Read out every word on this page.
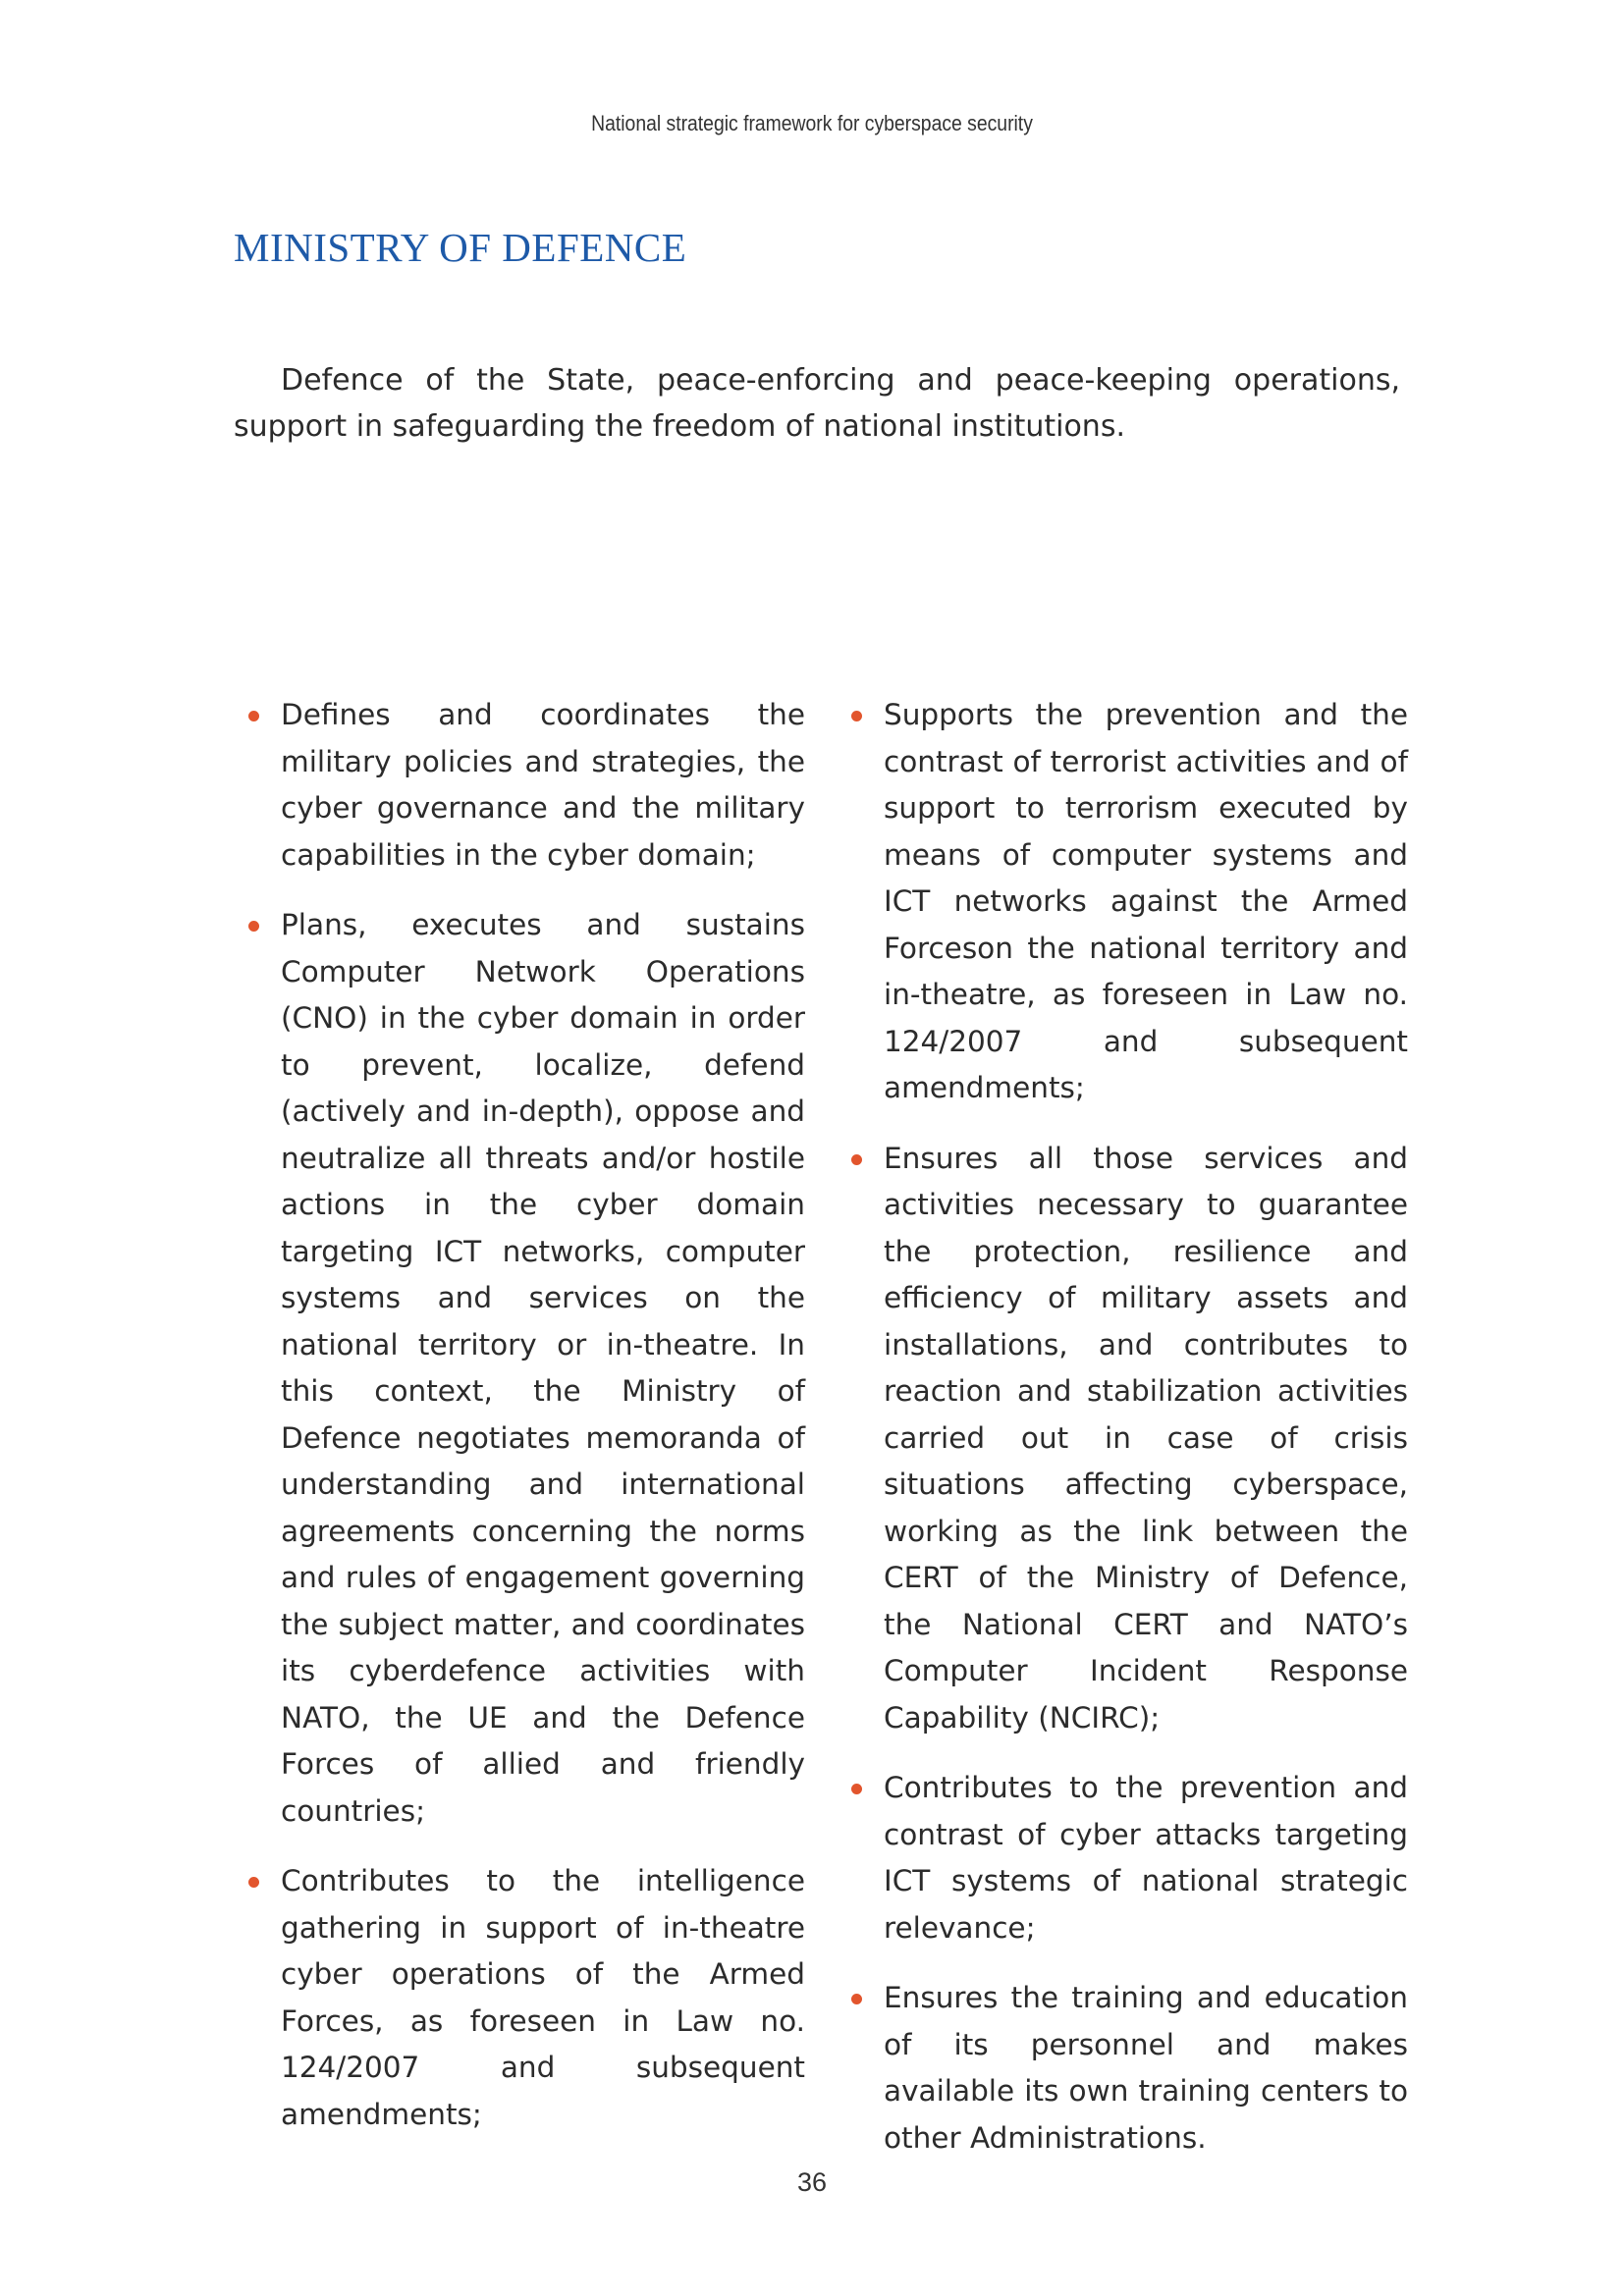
National strategic framework for cyberspace security
MINISTRY OF DEFENCE

Defence of the State, peace-enforcing and peace-keeping operations, support in safeguarding the freedom of national institutions.

Defines and coordinates the military policies and strategies, the cyber governance and the military capabilities in the cyber domain;
Plans, executes and sustains Computer Network Operations (CNO) in the cyber domain in order to prevent, localize, defend (actively and in-depth), oppose and neutralize all threats and/or hostile actions in the cyber domain targeting ICT networks, computer systems and services on the national territory or in-theatre. In this context, the Ministry of Defence negotiates memoranda of understanding and international agreements concerning the norms and rules of engagement governing the subject matter, and coordinates its cyberdefence activities with NATO, the UE and the Defence Forces of allied and friendly countries;
Contributes to the intelligence gathering in support of in-theatre cyber operations of the Armed Forces, as foreseen in Law no. 124/2007 and subsequent amendments;
Supports the prevention and the contrast of terrorist activities and of support to terrorism executed by means of computer systems and ICT networks against the Armed Forceson the national territory and in-theatre, as foreseen in Law no. 124/2007 and subsequent amendments;
Ensures all those services and activities necessary to guarantee the protection, resilience and efficiency of military assets and installations, and contributes to reaction and stabilization activities carried out in case of crisis situations affecting cyberspace, working as the link between the CERT of the Ministry of Defence, the National CERT and NATO’s Computer Incident Response Capability (NCIRC);
Contributes to the prevention and contrast of cyber attacks targeting ICT systems of national strategic relevance;
Ensures the training and education of its personnel and makes available its own training centers to other Administrations.
36
